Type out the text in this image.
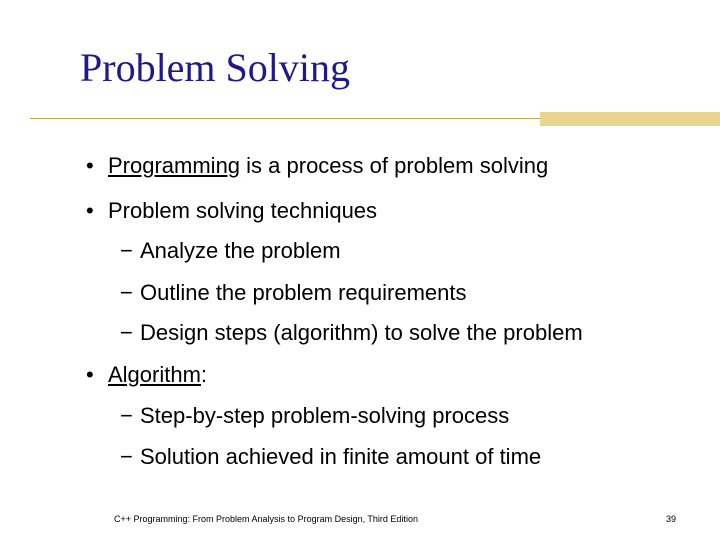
Problem Solving
• Programming is a process of problem solving
• Problem solving techniques
− Analyze the problem
− Outline the problem requirements
− Design steps (algorithm) to solve the problem
• Algorithm:
− Step-by-step problem-solving process
− Solution achieved in finite amount of time
C++ Programming: From Problem Analysis to Program Design, Third Edition	39
